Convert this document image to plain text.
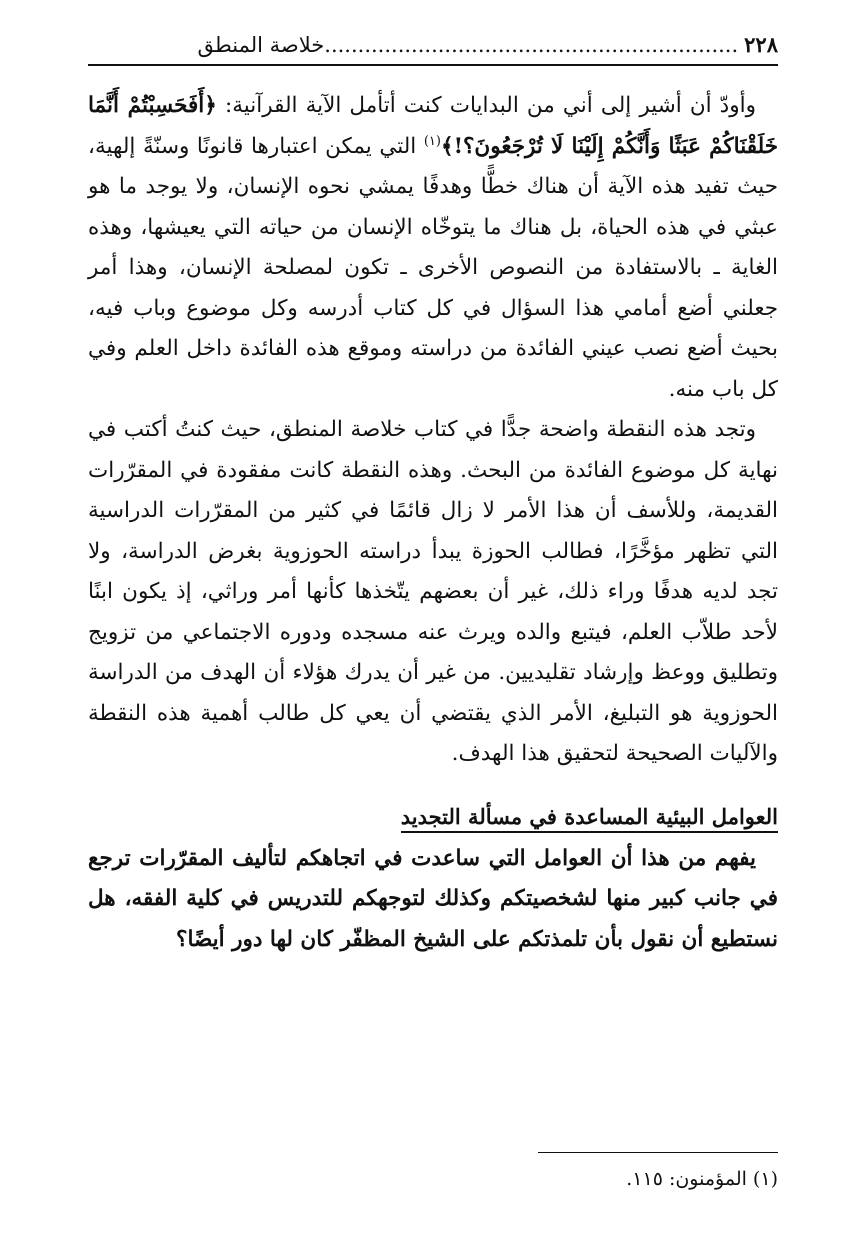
٢٢٨
..............................................................
خلاصة المنطق

وأودّ أن أشير إلى أني من البدايات كنت أتأمل الآية القرآنية: ﴿أَفَحَسِبْتُمْ أَنَّمَا خَلَقْنَاكُمْ عَبَثًا وَأَنَّكُمْ إِلَيْنَا لَا تُرْجَعُونَ؟!﴾$^{(١)}$ التي يمكن اعتبارها قانونًا وسنّةً إلهية، حيث تفيد هذه الآية أن هناك خطًّا وهدفًا يمشي نحوه الإنسان، ولا يوجد ما هو عبثي في هذه الحياة، بل هناك ما يتوخّاه الإنسان من حياته التي يعيشها، وهذه الغاية ـ بالاستفادة من النصوص الأخرى ـ تكون لمصلحة الإنسان، وهذا أمر جعلني أضع أمامي هذا السؤال في كل كتاب أدرسه وكل موضوع وباب فيه، بحيث أضع نصب عيني الفائدة من دراسته وموقع هذه الفائدة داخل العلم وفي كل باب منه.

وتجد هذه النقطة واضحة جدًّا في كتاب خلاصة المنطق، حيث كنتُ أكتب في نهاية كل موضوع الفائدة من البحث. وهذه النقطة كانت مفقودة في المقرّرات القديمة، وللأسف أن هذا الأمر لا زال قائمًا في كثير من المقرّرات الدراسية التي تظهر مؤخَّرًا، فطالب الحوزة يبدأ دراسته الحوزوية بغرض الدراسة، ولا تجد لديه هدفًا وراء ذلك، غير أن بعضهم يتّخذها كأنها أمر وراثي، إذ يكون ابنًا لأحد طلاّب العلم، فيتبع والده ويرث عنه مسجده ودوره الاجتماعي من تزويج وتطليق ووعظ وإرشاد تقليديين. من غير أن يدرك هؤلاء أن الهدف من الدراسة الحوزوية هو التبليغ، الأمر الذي يقتضي أن يعي كل طالب أهمية هذه النقطة والآليات الصحيحة لتحقيق هذا الهدف.

العوامل البيئية المساعدة في مسألة التجديد
يفهم من هذا أن العوامل التي ساعدت في اتجاهكم لتأليف المقرّرات ترجع في جانب كبير منها لشخصيتكم وكذلك لتوجهكم للتدريس في كلية الفقه، هل نستطيع أن نقول بأن تلمذتكم على الشيخ المظفّر كان لها دور أيضًا؟
(١) المؤمنون: ١١٥.
